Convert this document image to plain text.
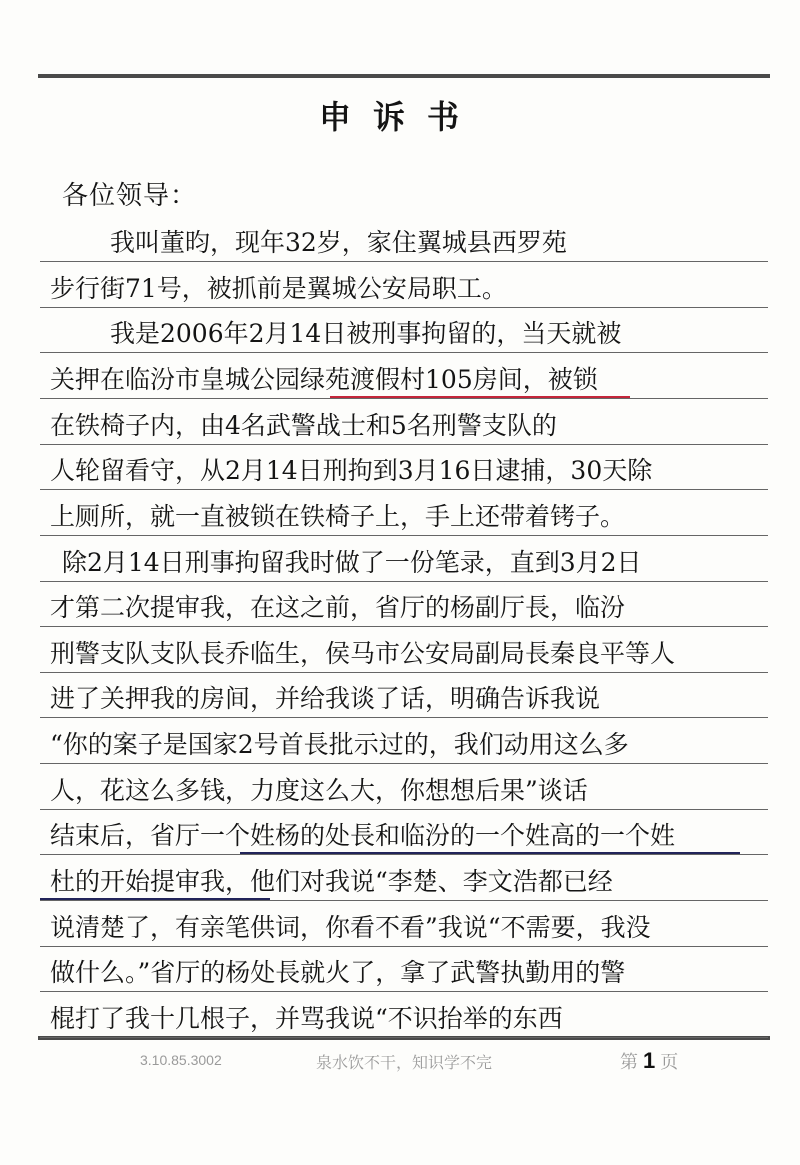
申诉书
各位领导：
我叫董昀，现年32岁，家住翼城县西罗苑
步行街71号，被抓前是翼城公安局职工。
我是2006年2月14日被刑事拘留的，当天就被
关押在临汾市皇城公园绿苑渡假村105房间，被锁
在铁椅子内，由4名武警战士和5名刑警支队的
人轮留看守，从2月14日刑拘到3月16日逮捕，30天除
上厕所，就一直被锁在铁椅子上，手上还带着铐子。
除2月14日刑事拘留我时做了一份笔录，直到3月2日
才第二次提审我，在这之前，省厅的杨副厅長，临汾
刑警支队支队長乔临生，侯马市公安局副局長秦良平等人
进了关押我的房间，并给我谈了话，明确告诉我说
“你的案子是国家2号首長批示过的，我们动用这么多
人，花这么多钱，力度这么大，你想想后果”谈话
结束后，省厅一个姓杨的处長和临汾的一个姓高的一个姓
杜的开始提审我，他们对我说“李楚、李文浩都已经
说清楚了，有亲笔供词，你看不看”我说“不需要，我没
做什么。”省厅的杨处長就火了，拿了武警执勤用的警
棍打了我十几根子，并骂我说“不识抬举的东西
3.10.85.3002	泉水饮不干，知识学不完	第 1 页
